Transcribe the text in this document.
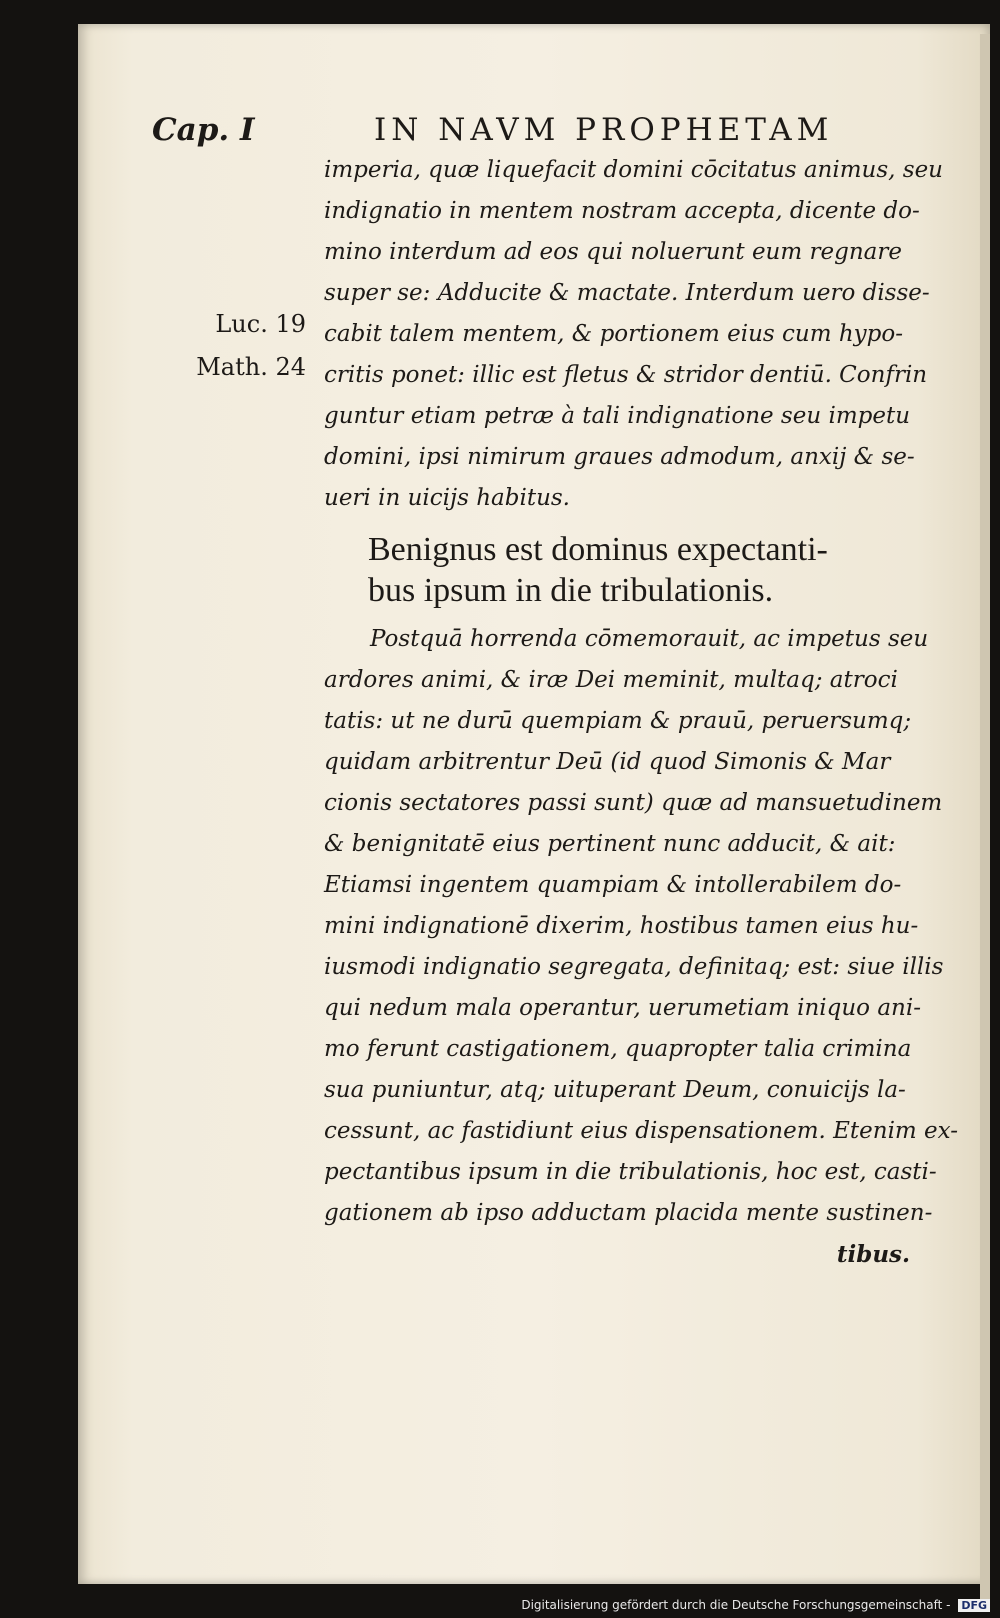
Cap. I	IN NAVM PROPHETAM
Luc. 19
Math. 24
imperia, quæ liquefacit domini cōcitatus animus, seu
indignatio in mentem nostram accepta, dicente do-
mino interdum ad eos qui noluerunt eum regnare
super se: Adducite & mactate. Interdum uero disse-
cabit talem mentem, & portionem eius cum hypo-
critis ponet: illic est fletus & stridor dentiū. Confrin
guntur etiam petræ à tali indignatione seu impetu
domini, ipsi nimirum graues admodum, anxij & se-
ueri in uicijs habitus.
Benignus est dominus expectanti-
bus ipsum in die tribulationis.
Postquā horrenda cōmemorauit, ac impetus seu
ardores animi, & iræ Dei meminit, multaq; atroci
tatis: ut ne durū quempiam & prauū, peruersumq;
quidam arbitrentur Deū (id quod Simonis & Mar
cionis sectatores passi sunt) quæ ad mansuetudinem
& benignitatē eius pertinent nunc adducit, & ait:
Etiamsi ingentem quampiam & intollerabilem do-
mini indignationē dixerim, hostibus tamen eius hu-
iusmodi indignatio segregata, definitaq; est: siue illis
qui nedum mala operantur, uerumetiam iniquo ani-
mo ferunt castigationem, quapropter talia crimina
sua puniuntur, atq; uituperant Deum, conuicijs la-
cessunt, ac fastidiunt eius dispensationem. Etenim ex-
pectantibus ipsum in die tribulationis, hoc est, casti-
gationem ab ipso adductam placida mente sustinen-
tibus.
Digitalisierung gefördert durch die Deutsche Forschungsgemeinschaft - DFG
